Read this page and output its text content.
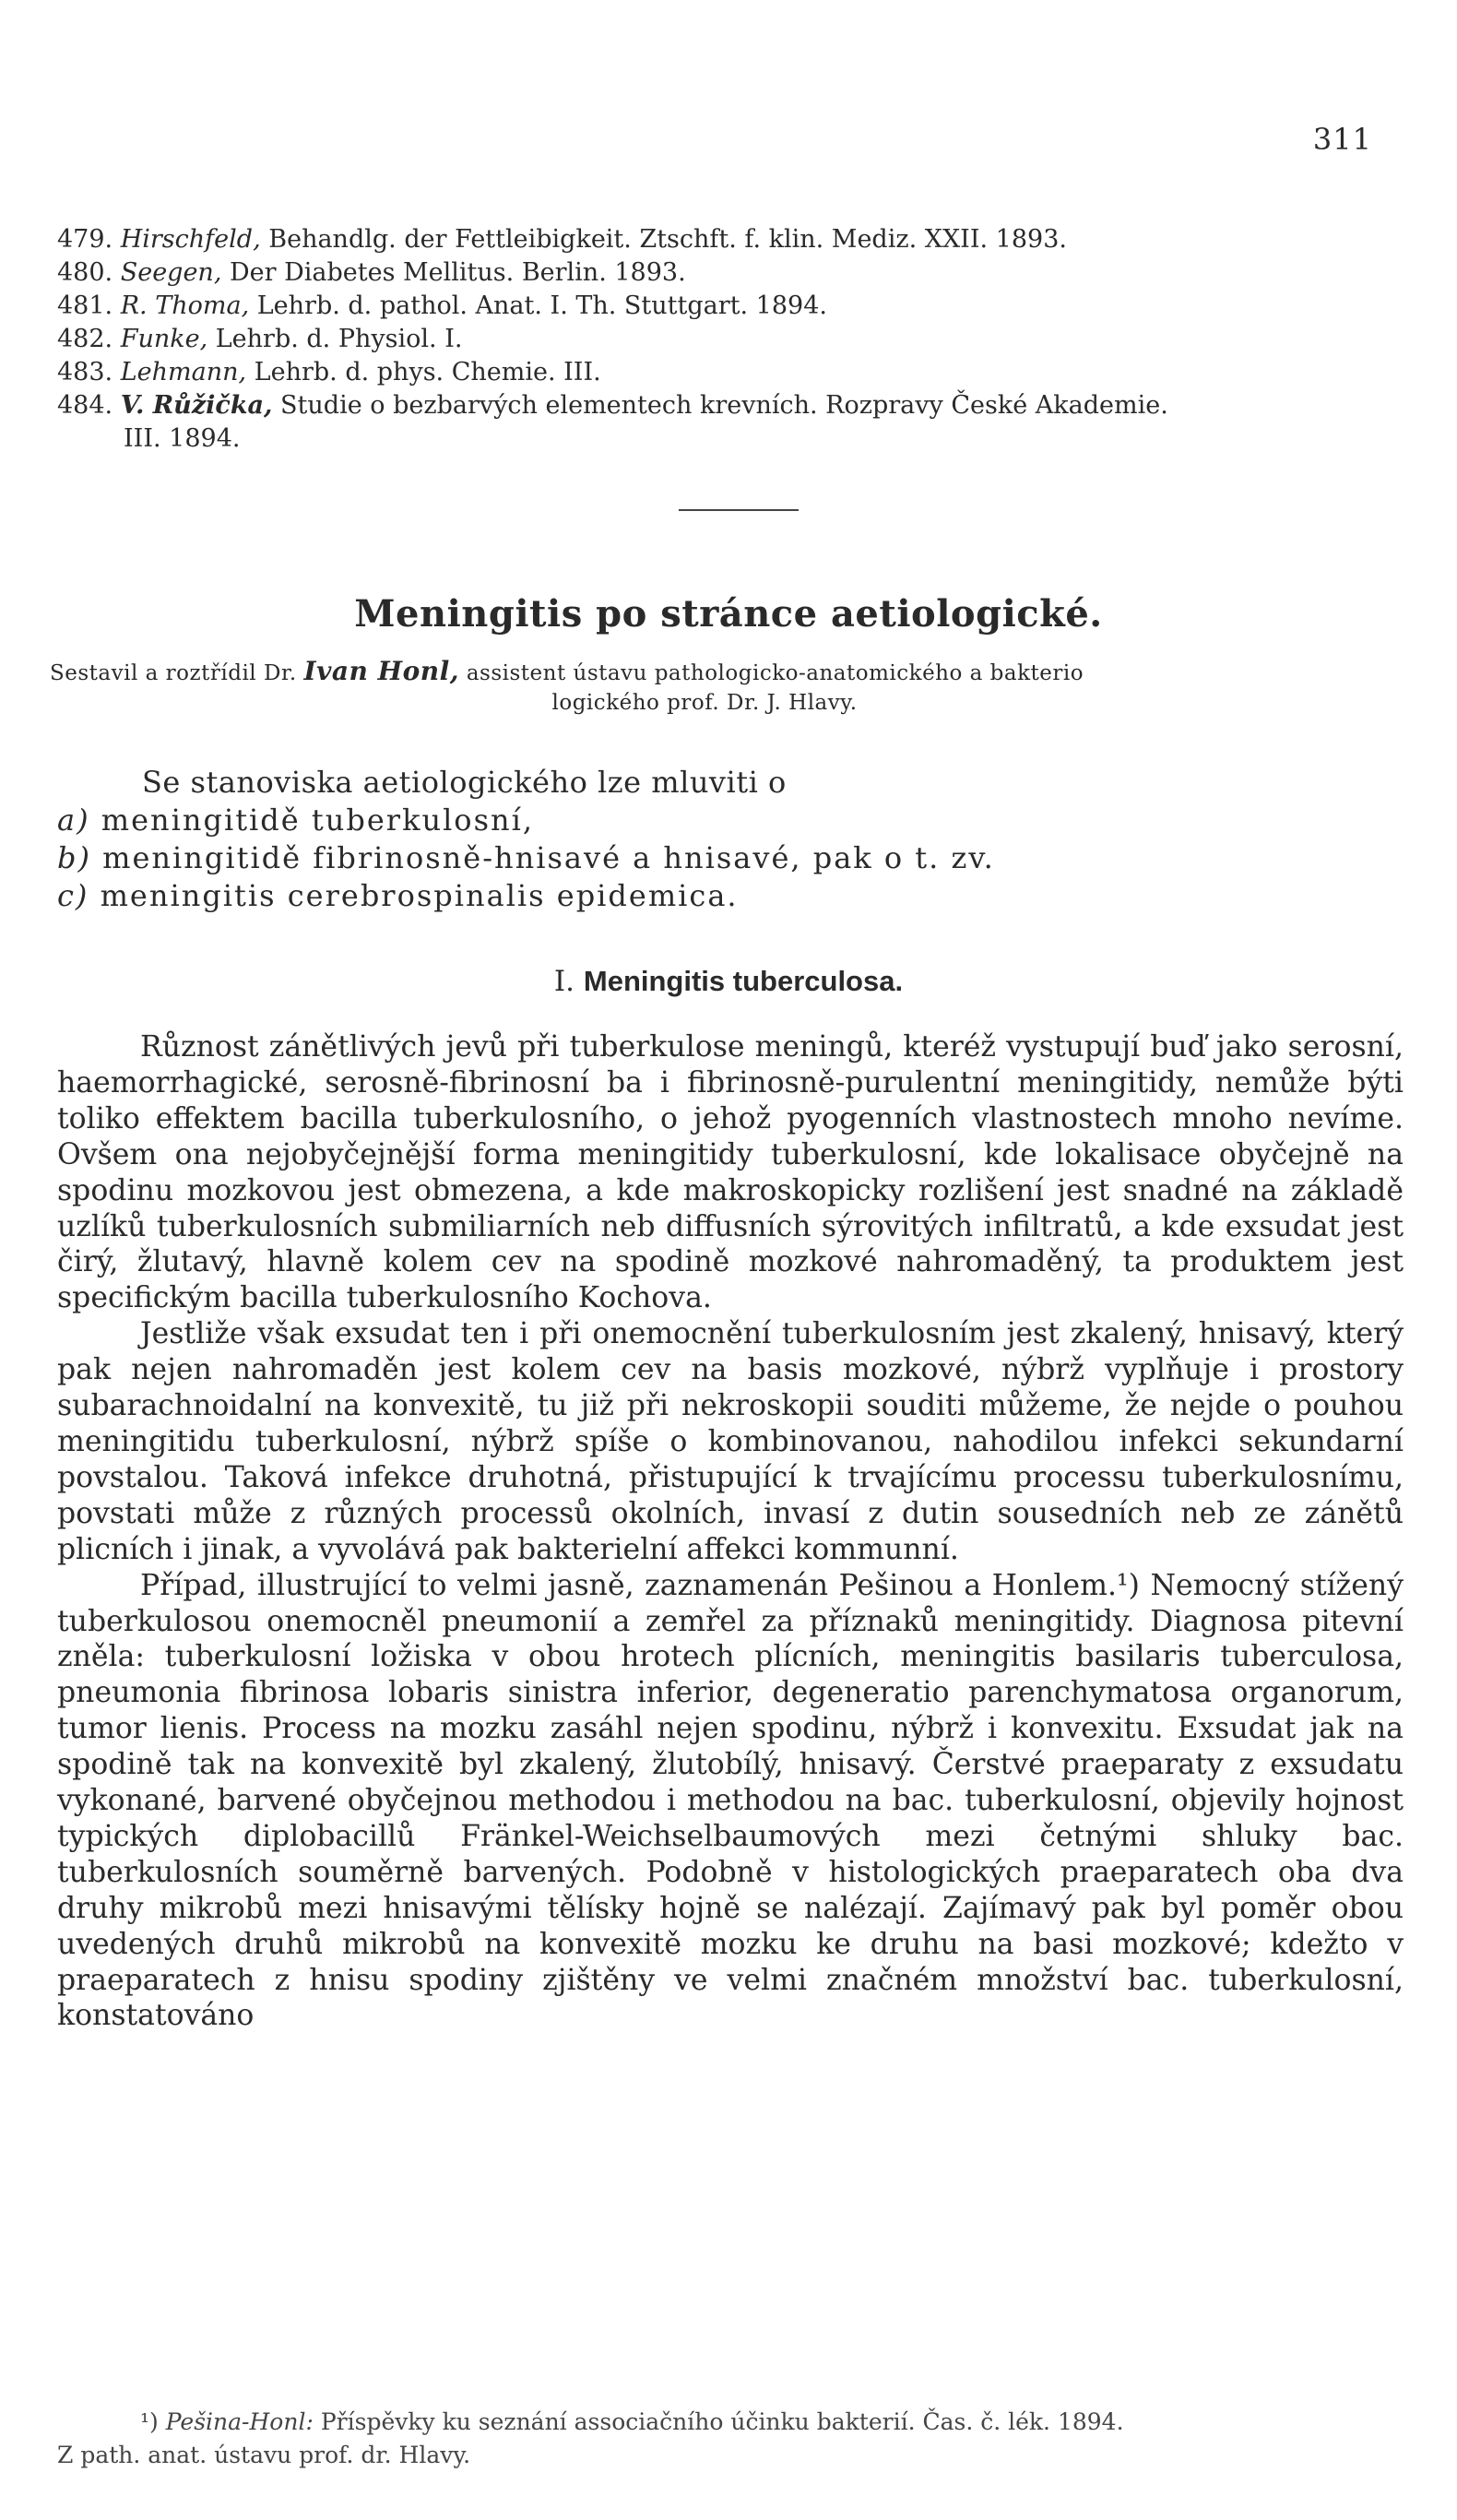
311
479. Hirschfeld, Behandlg. der Fettleibigkeit. Ztschft. f. klin. Mediz. XXII. 1893.
480. Seegen, Der Diabetes Mellitus. Berlin. 1893.
481. R. Thoma, Lehrb. d. pathol. Anat. I. Th. Stuttgart. 1894.
482. Funke, Lehrb. d. Physiol. I.
483. Lehmann, Lehrb. d. phys. Chemie. III.
484. V. Růžička, Studie o bezbarvých elementech krevních. Rozpravy České Akademie.
III. 1894.
Meningitis po stránce aetiologické.
Sestavil a roztřídil Dr. Ivan Honl, assistent ústavu pathologicko-anatomického a bakterio
logického prof. Dr. J. Hlavy.
Se stanoviska aetiologického lze mluviti o
a) meningitidě tuberkulosní,
b) meningitidě fibrinosně-hnisavé a hnisavé, pak o t. zv.
c) meningitis cerebrospinalis epidemica.
I. Meningitis tuberculosa.

Různost zánětlivých jevů při tuberkulose meningů, kteréž vystupují buď jako serosní, haemorrhagické, serosně-fibrinosní ba i fibrinosně-purulentní meningitidy, nemůže býti toliko effektem bacilla tuberkulosního, o jehož pyogenních vlastnostech mnoho nevíme. Ovšem ona nejobyčejnější forma meningitidy tuberkulosní, kde lokalisace obyčejně na spodinu mozkovou jest obmezena, a kde makroskopicky rozlišení jest snadné na základě uzlíků tuberkulosních submiliarních neb diffusních sýrovitých infiltratů, a kde exsudat jest čirý, žlutavý, hlavně kolem cev na spodině mozkové nahromaděný, ta produktem jest specifickým bacilla tuberkulosního Kochova.

Jestliže však exsudat ten i při onemocnění tuberkulosním jest zkalený, hnisavý, který pak nejen nahromaděn jest kolem cev na basis mozkové, nýbrž vyplňuje i prostory subarachnoidalní na konvexitě, tu již při nekroskopii souditi můžeme, že nejde o pouhou meningitidu tuberkulosní, nýbrž spíše o kombinovanou, nahodilou infekci sekundarní povstalou. Taková infekce druhotná, přistupující k trvajícímu processu tuberkulosnímu, povstati může z různých processů okolních, invasí z dutin sousedních neb ze zánětů plicních i jinak, a vyvolává pak bakterielní affekci kommunní.

Případ, illustrující to velmi jasně, zaznamenán Pešinou a Honlem.¹) Nemocný stížený tuberkulosou onemocněl pneumonií a zemřel za příznaků meningitidy. Diagnosa pitevní zněla: tuberkulosní ložiska v obou hrotech plícních, meningitis basilaris tuberculosa, pneumonia fibrinosa lobaris sinistra inferior, degeneratio parenchymatosa organorum, tumor lienis. Process na mozku zasáhl nejen spodinu, nýbrž i konvexitu. Exsudat jak na spodině tak na konvexitě byl zkalený, žlutobílý, hnisavý. Čerstvé praeparaty z exsudatu vykonané, barvené obyčejnou methodou i methodou na bac. tuberkulosní, objevily hojnost typických diplobacillů Fränkel-Weichselbaumových mezi četnými shluky bac. tuberkulosních souměrně barvených. Podobně v histologických praeparatech oba dva druhy mikrobů mezi hnisavými tělísky hojně se nalézají. Zajímavý pak byl poměr obou uvedených druhů mikrobů na konvexitě mozku ke druhu na basi mozkové; kdežto v praeparatech z hnisu spodiny zjištěny ve velmi značném množství bac. tuberkulosní, konstatováno

¹) Pešina-Honl: Příspěvky ku seznání associačního účinku bakterií. Čas. č. lék. 1894.
Z path. anat. ústavu prof. dr. Hlavy.
